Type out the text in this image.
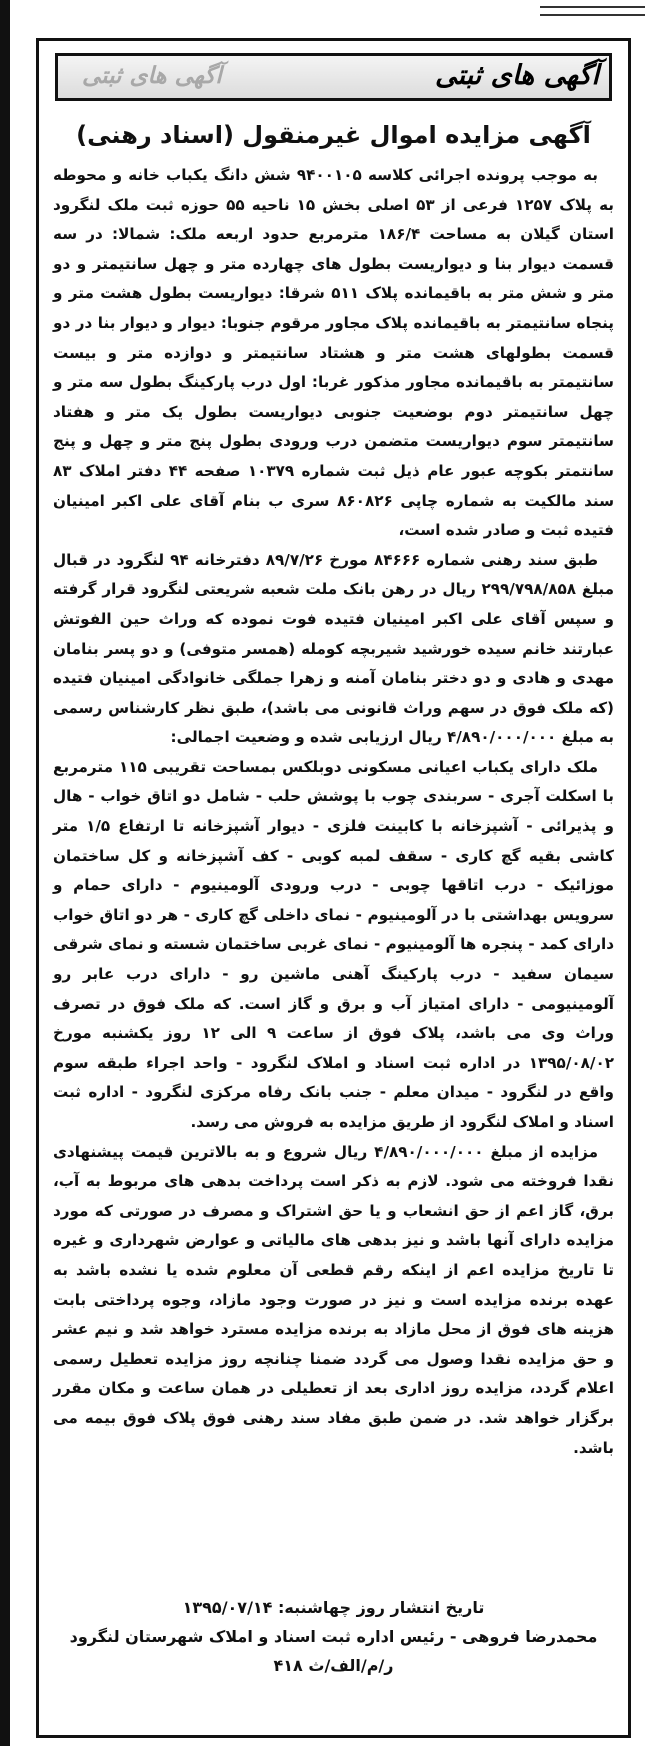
آگهی های ثبتی
آگهی های ثبتی
آگهی مزایده اموال غیرمنقول (اسناد رهنی)

به موجب پرونده اجرائی کلاسه ۹۴۰۰۱۰۵ شش دانگ یکباب خانه و محوطه به پلاک ۱۲۵۷ فرعی از ۵۳ اصلی بخش ۱۵ ناحیه ۵۵ حوزه ثبت ملک لنگرود استان گیلان به مساحت ۱۸۶/۴ مترمربع حدود اربعه ملک: شمالا: در سه قسمت دیوار بنا و دیواریست بطول های چهارده متر و چهل سانتیمتر و دو متر و شش متر به باقیمانده پلاک ۵۱۱ شرقا: دیواریست بطول هشت متر و پنجاه سانتیمتر به باقیمانده پلاک مجاور مرقوم جنوبا: دیوار و دیوار بنا در دو قسمت بطولهای هشت متر و هشتاد سانتیمتر و دوازده متر و بیست سانتیمتر به باقیمانده مجاور مذکور غربا: اول درب پارکینگ بطول سه متر و چهل سانتیمتر دوم بوضعیت جنوبی دیواریست بطول یک متر و هفتاد سانتیمتر سوم دیواریست متضمن درب ورودی بطول پنج متر و چهل و پنج سانتمتر بکوچه عبور عام ذیل ثبت شماره ۱۰۳۷۹ صفحه ۴۴ دفتر املاک ۸۳ سند مالکیت به شماره چاپی ۸۶۰۸۲۶ سری ب بنام آقای علی اکبر امینیان فتیده ثبت و صادر شده است،

طبق سند رهنی شماره ۸۴۶۶۶ مورخ ۸۹/۷/۲۶ دفترخانه ۹۴ لنگرود در قبال مبلغ ۲۹۹/۷۹۸/۸۵۸ ریال در رهن بانک ملت شعبه شریعتی لنگرود قرار گرفته و سپس آقای علی اکبر امینیان فتیده فوت نموده که وراث حین الفوتش عبارتند خانم سیده خورشید شیربچه کومله (همسر متوفی) و دو پسر بنامان مهدی و هادی و دو دختر بنامان آمنه و زهرا جملگی خانوادگی امینیان فتیده (که ملک فوق در سهم وراث قانونی می باشد)، طبق نظر کارشناس رسمی به مبلغ ۴/۸۹۰/۰۰۰/۰۰۰ ریال ارزیابی شده و وضعیت اجمالی:

ملک دارای یکباب اعیانی مسکونی دوبلکس بمساحت تقریبی ۱۱۵ مترمربع با اسکلت آجری - سربندی چوب با پوشش حلب - شامل دو اتاق خواب - هال و پذیرائی - آشپزخانه با کابینت فلزی - دیوار آشپزخانه تا ارتفاع ۱/۵ متر کاشی بقیه گچ کاری - سقف لمبه کوبی - کف آشپزخانه و کل ساختمان موزائیک - درب اتاقها چوبی - درب ورودی آلومینیوم - دارای حمام و سرویس بهداشتی با در آلومینیوم - نمای داخلی گچ کاری - هر دو اتاق خواب دارای کمد - پنجره ها آلومینیوم - نمای غربی ساختمان شسته و نمای شرقی سیمان سفید - درب پارکینگ آهنی ماشین رو - دارای درب عابر رو آلومینیومی - دارای امتیاز آب و برق و گاز است. که ملک فوق در تصرف وراث وی می باشد، پلاک فوق از ساعت ۹ الی ۱۲ روز یکشنبه مورخ ۱۳۹۵/۰۸/۰۲ در اداره ثبت اسناد و املاک لنگرود - واحد اجراء طبقه سوم واقع در لنگرود - میدان معلم - جنب بانک رفاه مرکزی لنگرود - اداره ثبت اسناد و املاک لنگرود از طریق مزایده به فروش می رسد.

مزایده از مبلغ ۴/۸۹۰/۰۰۰/۰۰۰ ریال شروع و به بالاترین قیمت پیشنهادی نقدا فروخته می شود. لازم به ذکر است پرداخت بدهی های مربوط به آب، برق، گاز اعم از حق انشعاب و یا حق اشتراک و مصرف در صورتی که مورد مزایده دارای آنها باشد و نیز بدهی های مالیاتی و عوارض شهرداری و غیره تا تاریخ مزایده اعم از اینکه رقم قطعی آن معلوم شده یا نشده باشد به عهده برنده مزایده است و نیز در صورت وجود مازاد، وجوه پرداختی بابت هزینه های فوق از محل مازاد به برنده مزایده مسترد خواهد شد و نیم عشر و حق مزایده نقدا وصول می گردد ضمنا چنانچه روز مزایده تعطیل رسمی اعلام گردد، مزایده روز اداری بعد از تعطیلی در همان ساعت و مکان مقرر برگزار خواهد شد. در ضمن طبق مفاد سند رهنی فوق پلاک فوق بیمه می باشد.

تاریخ انتشار روز چهاشنبه: ۱۳۹۵/۰۷/۱۴
محمدرضا فروهی - رئیس اداره ثبت اسناد و املاک شهرستان لنگرود
ر/م/الف/ث ۴۱۸
